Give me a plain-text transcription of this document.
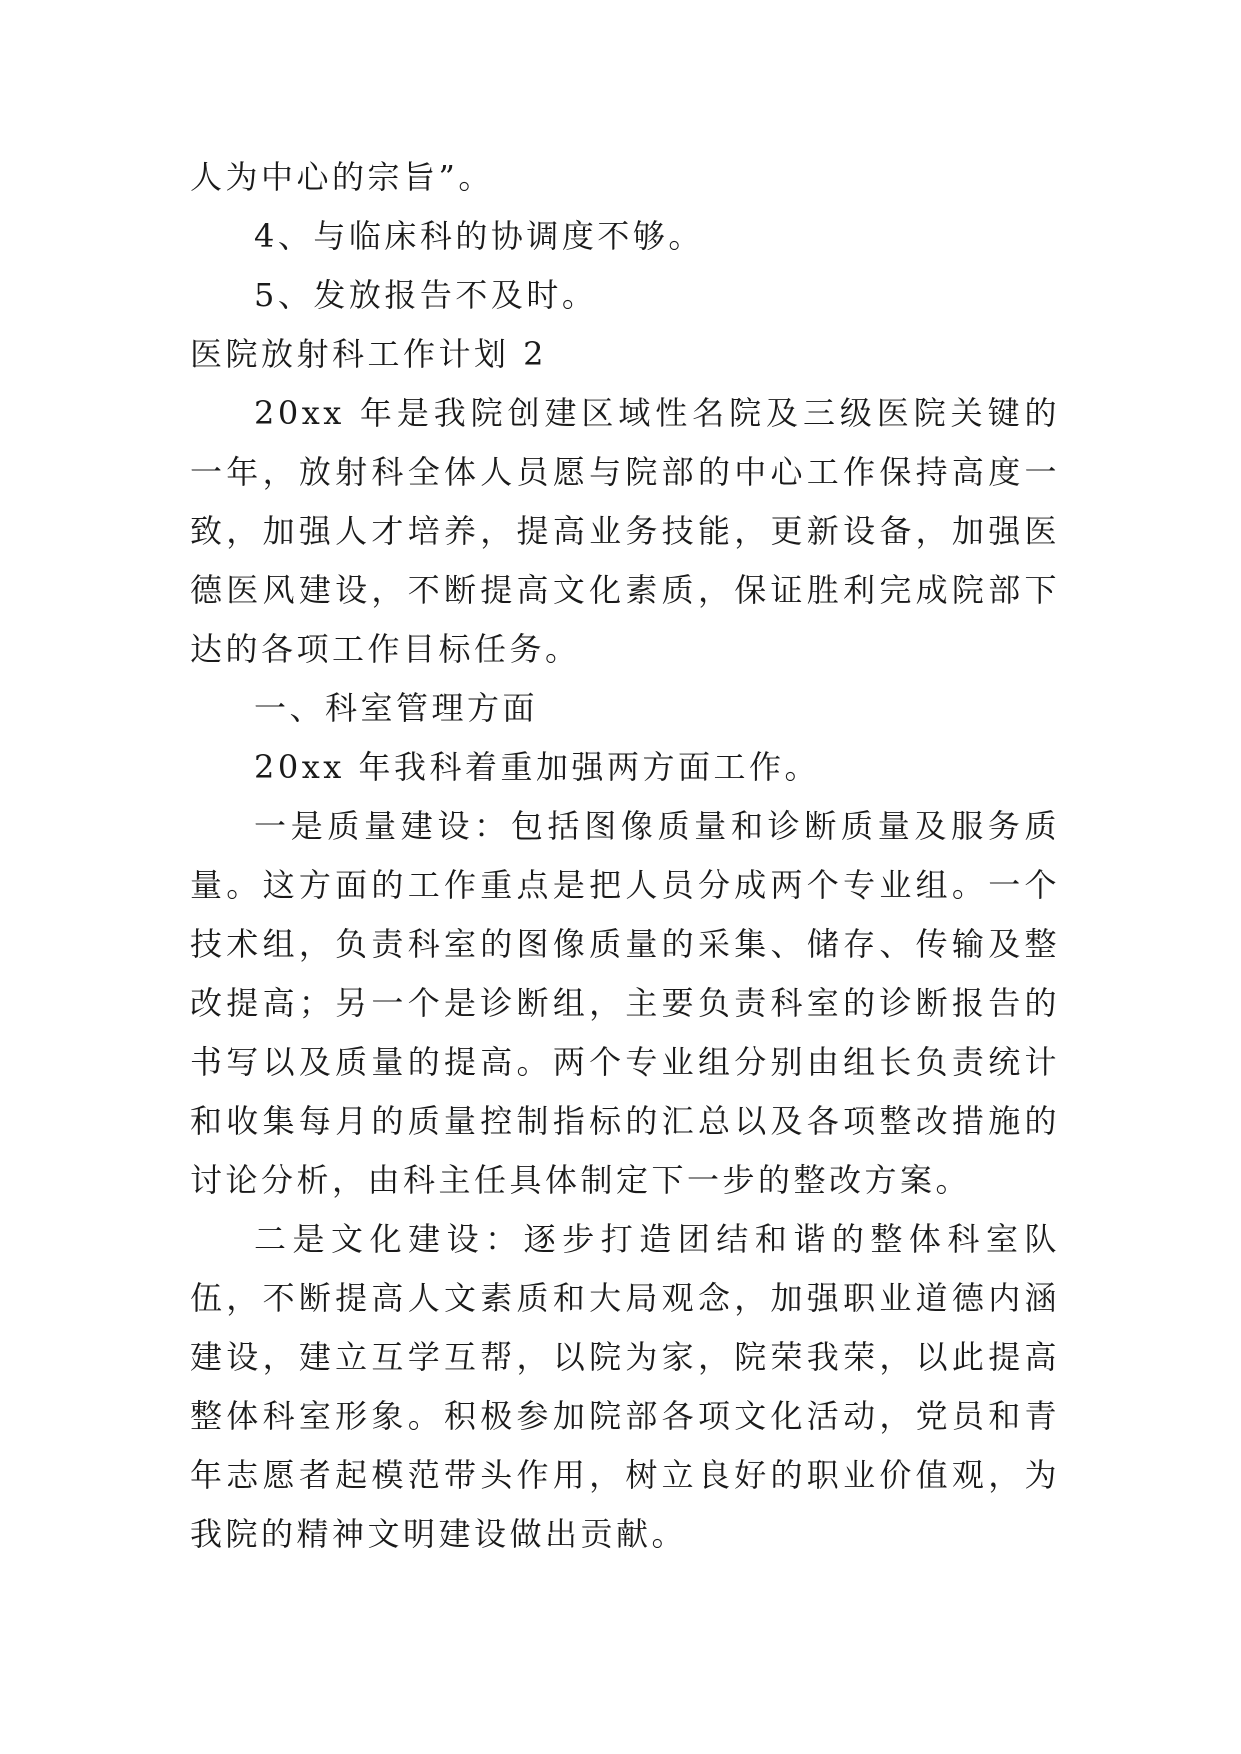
人为中心的宗旨”。

4、与临床科的协调度不够。

5、发放报告不及时。

医院放射科工作计划 2

20xx 年是我院创建区域性名院及三级医院关键的一年，放射科全体人员愿与院部的中心工作保持高度一致，加强人才培养，提高业务技能，更新设备，加强医德医风建设，不断提高文化素质，保证胜利完成院部下达的各项工作目标任务。

一、科室管理方面

20xx 年我科着重加强两方面工作。

一是质量建设：包括图像质量和诊断质量及服务质量。这方面的工作重点是把人员分成两个专业组。一个技术组，负责科室的图像质量的采集、储存、传输及整改提高；另一个是诊断组，主要负责科室的诊断报告的书写以及质量的提高。两个专业组分别由组长负责统计和收集每月的质量控制指标的汇总以及各项整改措施的讨论分析，由科主任具体制定下一步的整改方案。

二是文化建设：逐步打造团结和谐的整体科室队伍，不断提高人文素质和大局观念，加强职业道德内涵建设，建立互学互帮，以院为家，院荣我荣，以此提高整体科室形象。积极参加院部各项文化活动，党员和青年志愿者起模范带头作用，树立良好的职业价值观，为我院的精神文明建设做出贡献。
